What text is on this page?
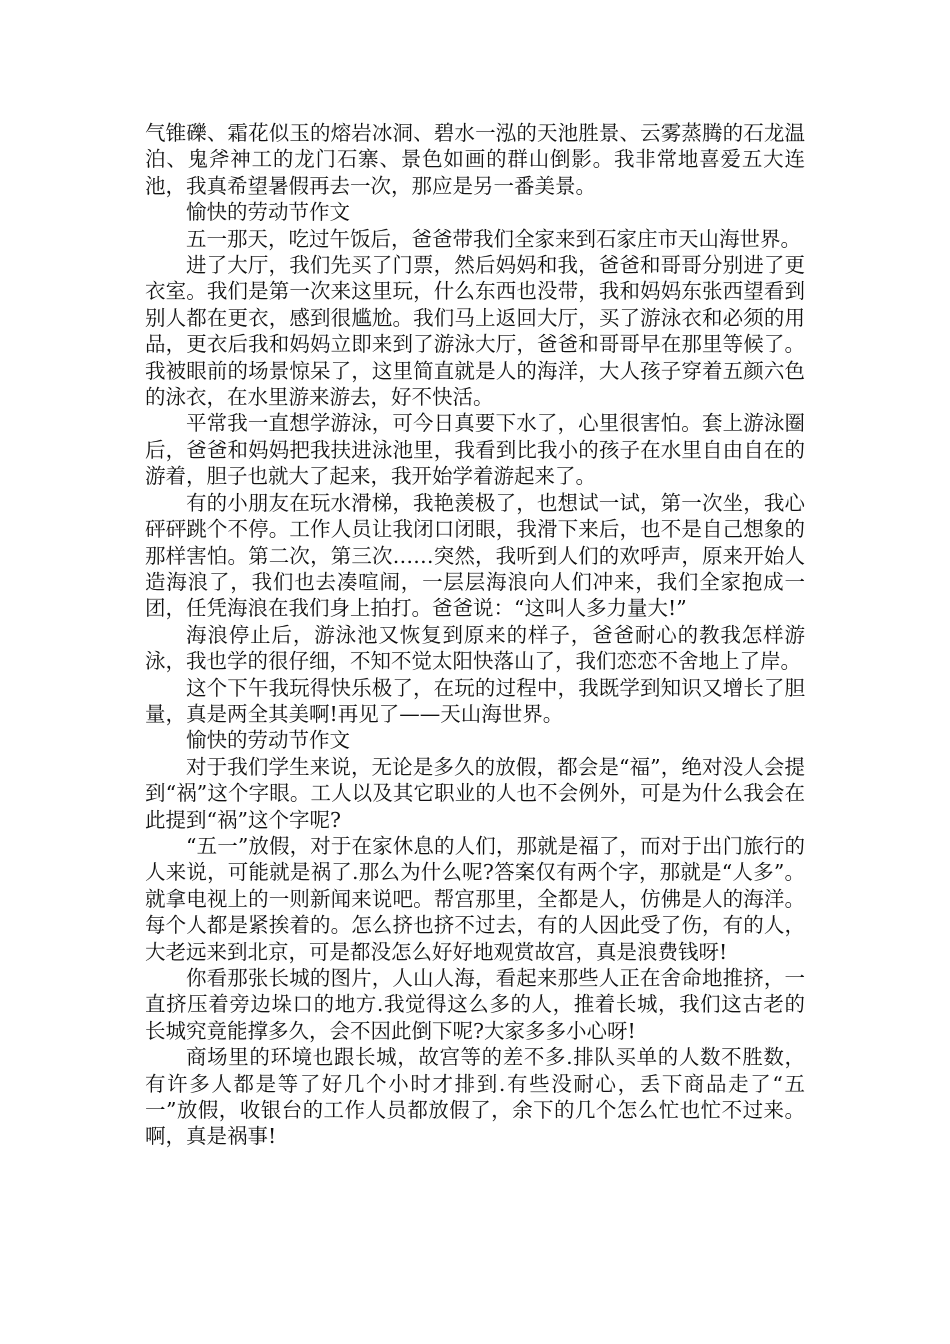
气锥礫、霜花似玉的熔岩冰洞、碧水一泓的天池胜景、云雾蒸腾的石龙温泊、鬼斧神工的龙门石寨、景色如画的群山倒影。我非常地喜爱五大连池，我真希望暑假再去一次，那应是另一番美景。

愉快的劳动节作文

五一那天，吃过午饭后，爸爸带我们全家来到石家庄市天山海世界。

进了大厅，我们先买了门票，然后妈妈和我，爸爸和哥哥分别进了更衣室。我们是第一次来这里玩，什么东西也没带，我和妈妈东张西望看到别人都在更衣，感到很尴尬。我们马上返回大厅，买了游泳衣和必须的用品，更衣后我和妈妈立即来到了游泳大厅，爸爸和哥哥早在那里等候了。我被眼前的场景惊呆了，这里简直就是人的海洋，大人孩子穿着五颜六色的泳衣，在水里游来游去，好不快活。

平常我一直想学游泳，可今日真要下水了，心里很害怕。套上游泳圈后，爸爸和妈妈把我扶进泳池里，我看到比我小的孩子在水里自由自在的游着，胆子也就大了起来，我开始学着游起来了。

有的小朋友在玩水滑梯，我艳羡极了，也想试一试，第一次坐，我心砰砰跳个不停。工作人员让我闭口闭眼，我滑下来后，也不是自己想象的那样害怕。第二次，第三次……突然，我听到人们的欢呼声，原来开始人造海浪了，我们也去凑喧闹，一层层海浪向人们冲来，我们全家抱成一团，任凭海浪在我们身上拍打。爸爸说：“这叫人多力量大!”

海浪停止后，游泳池又恢复到原来的样子，爸爸耐心的教我怎样游泳，我也学的很仔细，不知不觉太阳快落山了，我们恋恋不舍地上了岸。

这个下午我玩得快乐极了，在玩的过程中，我既学到知识又增长了胆量，真是两全其美啊!再见了——天山海世界。

愉快的劳动节作文

对于我们学生来说，无论是多久的放假，都会是“福”，绝对没人会提到“祸”这个字眼。工人以及其它职业的人也不会例外，可是为什么我会在此提到“祸”这个字呢?

“五一”放假，对于在家休息的人们，那就是福了，而对于出门旅行的人来说，可能就是祸了.那么为什么呢?答案仅有两个字，那就是“人多”。就拿电视上的一则新闻来说吧。帮宫那里，全都是人，仿佛是人的海洋。每个人都是紧挨着的。怎么挤也挤不过去，有的人因此受了伤，有的人，大老远来到北京，可是都没怎么好好地观赏故宫，真是浪费钱呀!

你看那张长城的图片，人山人海，看起来那些人正在舍命地推挤，一直挤压着旁边垛口的地方.我觉得这么多的人，推着长城，我们这古老的长城究竟能撑多久，会不因此倒下呢?大家多多小心呀!

商场里的环境也跟长城，故宫等的差不多.排队买单的人数不胜数，有许多人都是等了好几个小时才排到.有些没耐心，丢下商品走了“五一”放假，收银台的工作人员都放假了，余下的几个怎么忙也忙不过来。啊，真是祸事!
